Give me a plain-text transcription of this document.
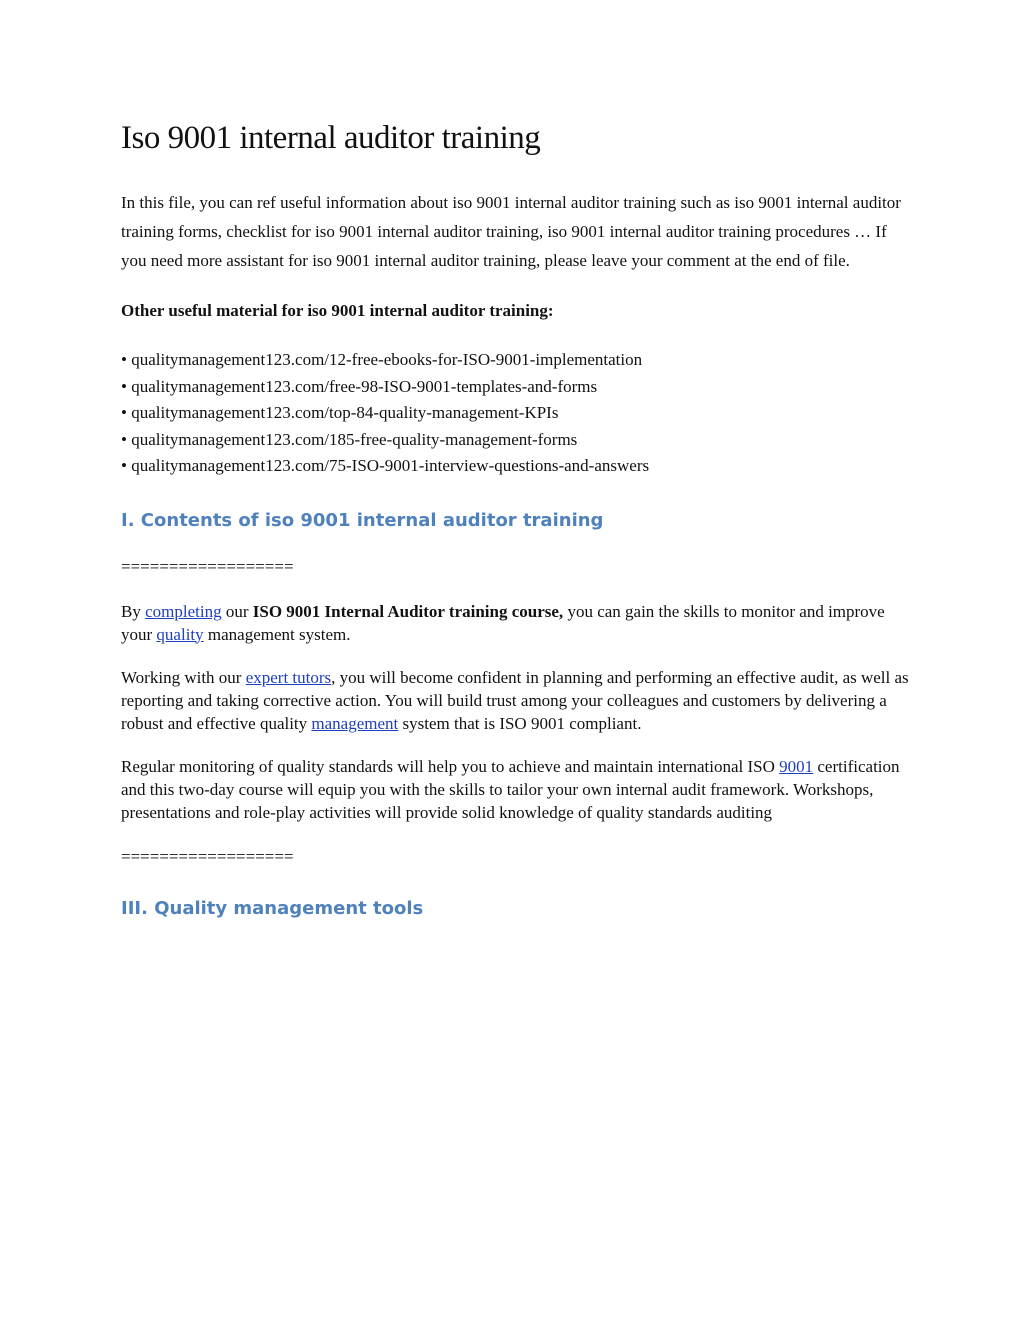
Iso 9001 internal auditor training

In this file, you can ref useful information about iso 9001 internal auditor training such as iso 9001 internal auditor training forms, checklist for iso 9001 internal auditor training, iso 9001 internal auditor training procedures … If you need more assistant for iso 9001 internal auditor training, please leave your comment at the end of file.

Other useful material for iso 9001 internal auditor training:

• qualitymanagement123.com/12-free-ebooks-for-ISO-9001-implementation
• qualitymanagement123.com/free-98-ISO-9001-templates-and-forms
• qualitymanagement123.com/top-84-quality-management-KPIs
• qualitymanagement123.com/185-free-quality-management-forms
• qualitymanagement123.com/75-ISO-9001-interview-questions-and-answers
I. Contents of iso 9001 internal auditor training

==================

By completing our ISO 9001 Internal Auditor training course, you can gain the skills to monitor and improve your quality management system.

Working with our expert tutors, you will become confident in planning and performing an effective audit, as well as reporting and taking corrective action. You will build trust among your colleagues and customers by delivering a robust and effective quality management system that is ISO 9001 compliant.

Regular monitoring of quality standards will help you to achieve and maintain international ISO 9001 certification and this two-day course will equip you with the skills to tailor your own internal audit framework. Workshops, presentations and role-play activities will provide solid knowledge of quality standards auditing

==================

III. Quality management tools
